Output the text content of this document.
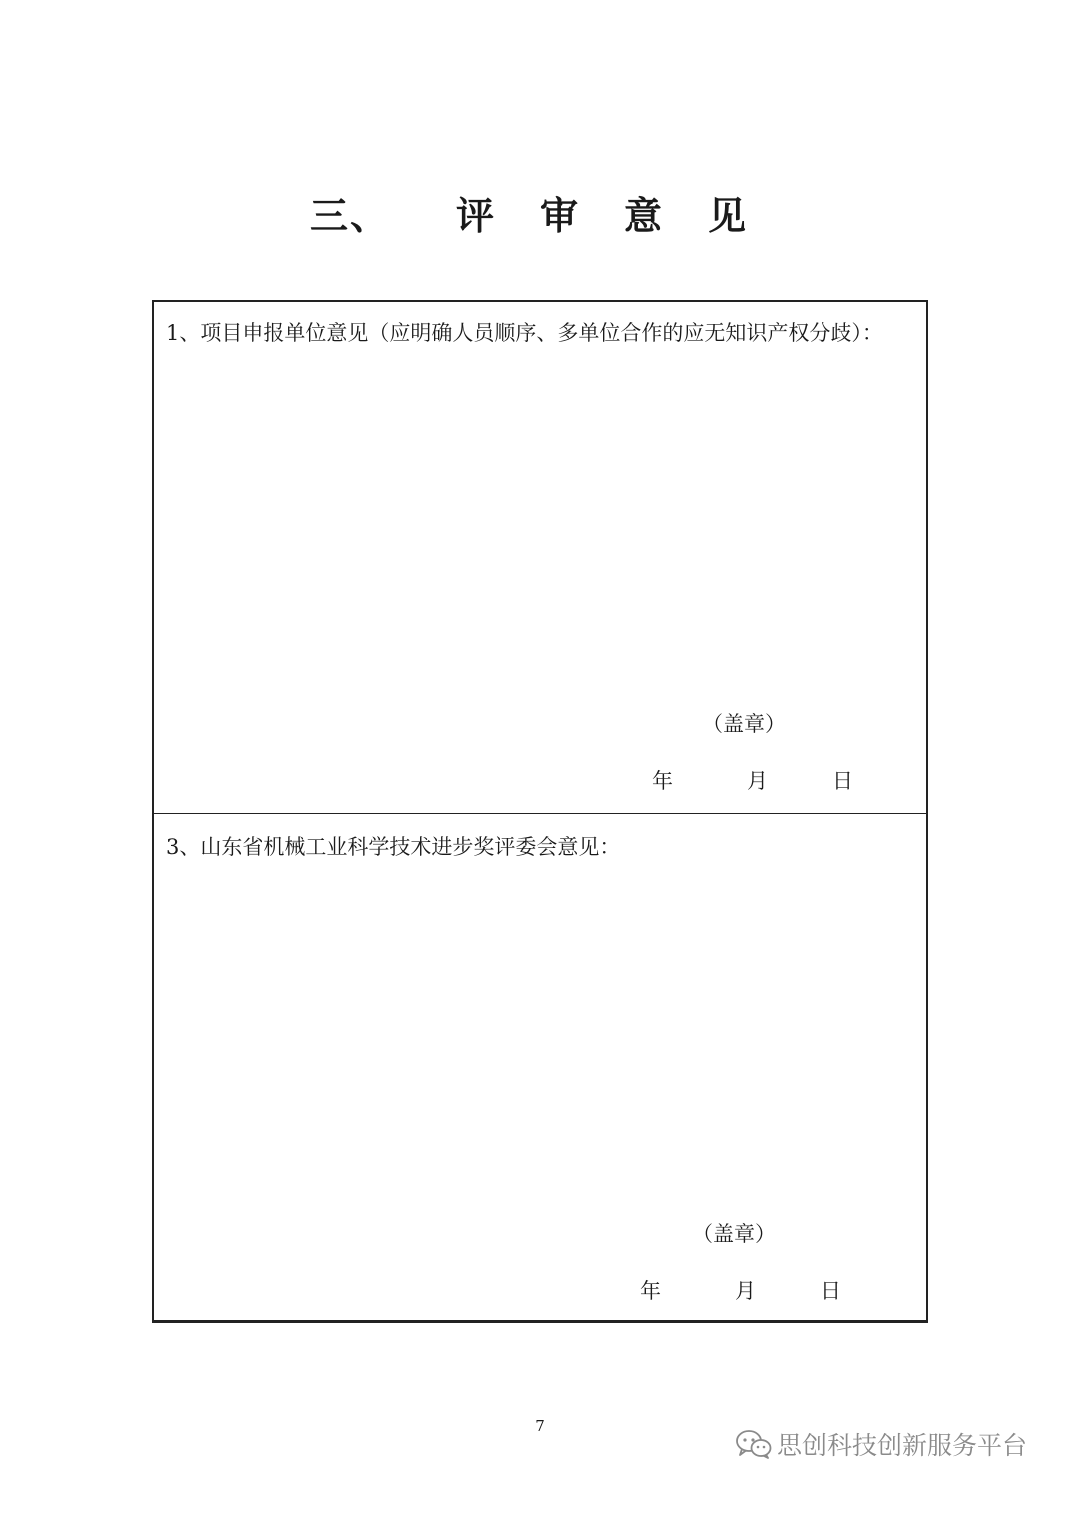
三、 评 审 意 见

1、项目申报单位意见（应明确人员顺序、多单位合作的应无知识产权分歧）：

3、山东省机械工业科学技术进步奖评委会意见：

（盖章）
年	月	日
（盖章）
年	月	日
7
思创科技创新服务平台
